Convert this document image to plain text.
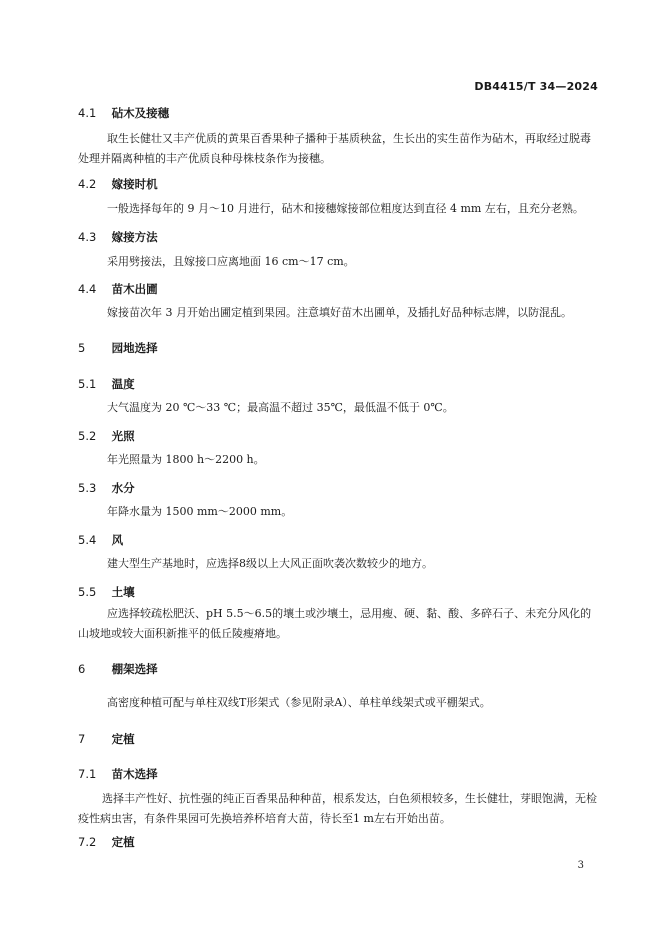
DB4415/T 34—2024
4.1 砧木及接穗
取生长健壮又丰产优质的黄果百香果种子播种于基质秧盆，生长出的实生苗作为砧木，再取经过脱毒处理并隔离种植的丰产优质良种母株枝条作为接穗。
4.2 嫁接时机
一般选择每年的 9 月～10 月进行，砧木和接穗嫁接部位粗度达到直径 4 mm 左右，且充分老熟。
4.3 嫁接方法
采用劈接法，且嫁接口应离地面 16 cm～17 cm。
4.4 苗木出圃
嫁接苗次年 3 月开始出圃定植到果园。注意填好苗木出圃单，及插扎好品种标志牌，以防混乱。
5 园地选择
5.1 温度
大气温度为 20 ℃～33 ℃；最高温不超过 35℃，最低温不低于 0℃。
5.2 光照
年光照量为 1800 h～2200 h。
5.3 水分
年降水量为 1500 mm～2000 mm。
5.4 风
建大型生产基地时，应选择8级以上大风正面吹袭次数较少的地方。
5.5 土壤
应选择较疏松肥沃、pH 5.5～6.5的壤土或沙壤土，忌用瘦、硬、黏、酸、多碎石子、未充分风化的山坡地或较大面积新推平的低丘陵瘦瘠地。
6 棚架选择
高密度种植可配与单柱双线T形架式（参见附录A）、单柱单线架式或平棚架式。
7 定植
7.1 苗木选择
选择丰产性好、抗性强的纯正百香果品种种苗，根系发达，白色须根较多，生长健壮，芽眼饱满，无检疫性病虫害，有条件果园可先换培养杯培育大苗，待长至1 m左右开始出苗。
7.2 定植
3
